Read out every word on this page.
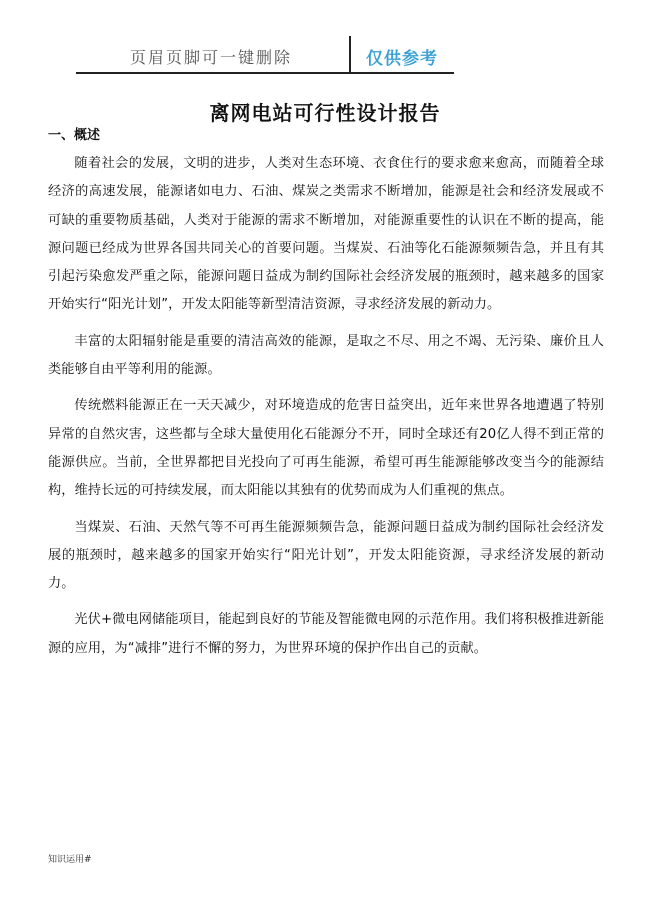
页眉页脚可一键删除	仅供参考
离网电站可行性设计报告
一、概述

随着社会的发展，文明的进步，人类对生态环境、衣食住行的要求愈来愈高，而随着全球经济的高速发展，能源诸如电力、石油、煤炭之类需求不断增加，能源是社会和经济发展或不可缺的重要物质基础，人类对于能源的需求不断增加，对能源重要性的认识在不断的提高，能源问题已经成为世界各国共同关心的首要问题。当煤炭、石油等化石能源频频告急，并且有其引起污染愈发严重之际，能源问题日益成为制约国际社会经济发展的瓶颈时，越来越多的国家开始实行“阳光计划”，开发太阳能等新型清洁资源，寻求经济发展的新动力。

丰富的太阳辐射能是重要的清洁高效的能源，是取之不尽、用之不竭、无污染、廉价且人类能够自由平等利用的能源。

传统燃料能源正在一天天减少，对环境造成的危害日益突出，近年来世界各地遭遇了特别异常的自然灾害，这些都与全球大量使用化石能源分不开，同时全球还有20亿人得不到正常的能源供应。当前，全世界都把目光投向了可再生能源，希望可再生能源能够改变当今的能源结构，维持长远的可持续发展，而太阳能以其独有的优势而成为人们重视的焦点。

当煤炭、石油、天然气等不可再生能源频频告急，能源问题日益成为制约国际社会经济发展的瓶颈时，越来越多的国家开始实行“阳光计划”，开发太阳能资源，寻求经济发展的新动力。

光伏+微电网储能项目，能起到良好的节能及智能微电网的示范作用。我们将积极推进新能源的应用，为“减排”进行不懈的努力，为世界环境的保护作出自己的贡献。

知识运用#
